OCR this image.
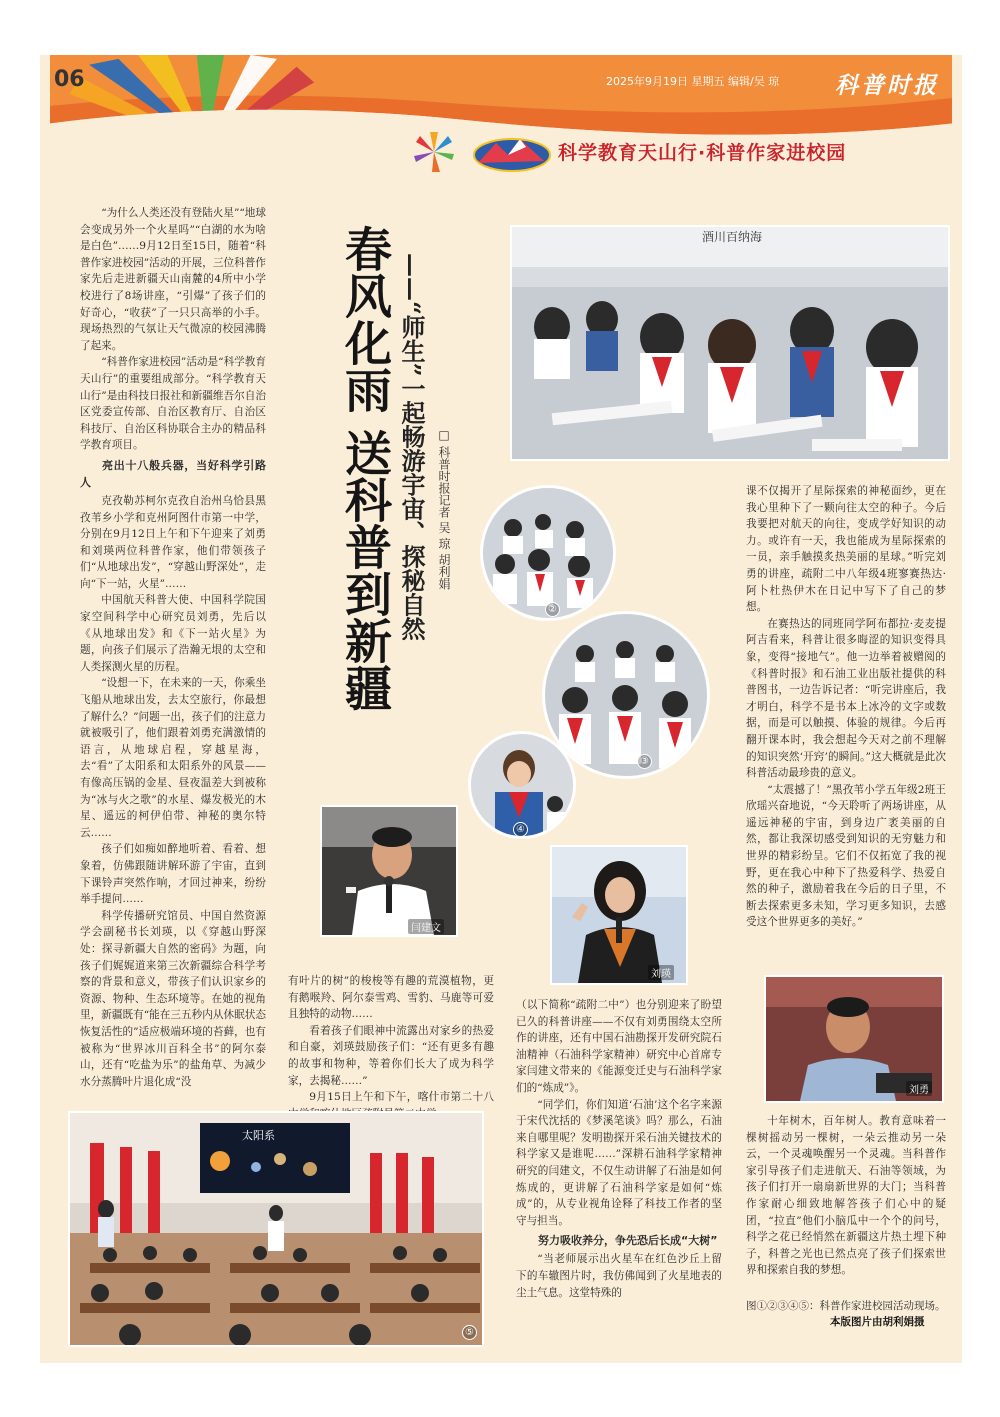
06	2025年9月19日 星期五 编辑/吴 琼 科普时报
科学教育天山行·科普作家进校园
春风化雨 送科普到新疆 ——“师生”一起畅游宇宙、探秘自然 □ 科普时报记者 吴 琼 胡利娟

“为什么人类还没有登陆火星”“地球会变成另外一个火星吗”“白湖的水为啥是白色”……9月12日至15日，随着“科普作家进校园”活动的开展，三位科普作家先后走进新疆天山南麓的4所中小学校进行了8场讲座，“引爆”了孩子们的好奇心，“收获”了一只只高举的小手。现场热烈的气氛让天气微凉的校园沸腾了起来。

“科普作家进校园”活动是“科学教育天山行”的重要组成部分。“科学教育天山行”是由科技日报社和新疆维吾尔自治区党委宣传部、自治区教育厅、自治区科技厅、自治区科协联合主办的精品科学教育项目。

亮出十八般兵器，当好科学引路人

克孜勒苏柯尔克孜自治州乌恰县黑孜苇乡小学和克州阿图什市第一中学，分别在9月12日上午和下午迎来了刘勇和刘瑛两位科普作家，他们带领孩子们“从地球出发”，“穿越山野深处”，走向“下一站，火星”……

中国航天科普大使、中国科学院国家空间科学中心研究员刘勇，先后以《从地球出发》和《下一站火星》为题，向孩子们展示了浩瀚无垠的太空和人类探测火星的历程。

“设想一下，在未来的一天，你乘坐飞船从地球出发，去太空旅行，你最想了解什么？”问题一出，孩子们的注意力就被吸引了，他们跟着刘勇充满激情的语言，从地球启程，穿越星海，去“看”了太阳系和太阳系外的风景——有像高压锅的金星、昼夜温差大到被称为“冰与火之歌”的水星、爆发极光的木星、遥远的柯伊伯带、神秘的奥尔特云……

孩子们如痴如醉地听着、看着、想象着，仿佛跟随讲解环游了宇宙，直到下课铃声突然作响，才回过神来，纷纷举手提问……

科学传播研究馆员、中国自然资源学会副秘书长刘瑛，以《穿越山野深处：探寻新疆大自然的密码》为题，向孩子们娓娓道来第三次新疆综合科学考察的背景和意义，带孩子们认识家乡的资源、物种、生态环境等。在她的视角里，新疆既有“能在三五秒内从休眠状态恢复活性的”适应极端环境的苔藓，也有被称为“世界冰川百科全书”的阿尔泰山，还有“吃盐为乐”的盐角草、为减少水分蒸腾叶片退化成“没

有叶片的树”的梭梭等有趣的荒漠植物，更有鹅喉羚、阿尔泰雪鸡、雪豹、马鹿等可爱且独特的动物……

看着孩子们眼神中流露出对家乡的热爱和自豪，刘瑛鼓励孩子们：“还有更多有趣的故事和物种，等着你们长大了成为科学家，去揭秘……”

9月15日上午和下午，喀什市第二十八

（以下简称“疏附二中”）也分别迎来了盼望已久的科普讲座——不仅有刘勇围绕太空所作的讲座，还有中国石油勘探开发研究院石油精神（石油科学家精神）研究中心首席专家闫建文带来的《能源变迁史与石油科学家们的“炼成”》。

“同学们，你们知道‘石油’这个名字来源于宋代沈括的《梦溪笔谈》吗？那么，石油来自哪里呢？发明勘探开采石油关键技术的科学家又是谁呢……”深耕石油科学家精神研究的闫建文，不仅生动讲解了石油是如何炼成的，更讲解了石油科学家是如何“炼成”的，从专业视角诠释了科技工作者的坚守与担当。

努力吸收养分，争先恐后长成“大树”

“当老师展示出火星车在红色沙丘上留下的车辙图片时，我仿佛闻到了火星地表的尘土气息。这堂特殊的

课不仅揭开了星际探索的神秘面纱，更在我心里种下了一颗向往太空的种子。今后我要把对航天的向往，变成学好知识的动力。或许有一天，我也能成为星际探索的一员，亲手触摸炙热美丽的星球。”听完刘勇的讲座，疏附二中八年级4班寥赛热达·阿卜杜热伊木在日记中写下了自己的梦想。

在赛热达的同班同学阿布都拉·麦麦提阿吉看来，科普让很多晦涩的知识变得具象，变得“接地气”。他一边举着被赠阅的《科普时报》和石油工业出版社提供的科普图书，一边告诉记者：“听完讲座后，我才明白，科学不是书本上冰冷的文字或数据，而是可以触摸、体验的规律。今后再翻开课本时，我会想起今天对之前不理解的知识突然‘开窍’的瞬间。”这大概就是此次科普活动最珍贵的意义。

“太震撼了！”黑孜苇小学五年级2班王欣瑶兴奋地说，“今天聆听了两场讲座，从遥远神秘的宇宙，到身边广袤美丽的自然，都让我深切感受到知识的无穷魅力和世界的精彩纷呈。它们不仅拓宽了我的视野，更在我心中种下了热爱科学、热爱自然的种子，激励着我在今后的日子里，不断去探索更多未知，学习更多知识，去感受这个世界更多的美好。”

十年树木，百年树人。教育意味着一棵树摇动另一棵树，一朵云推动另一朵云，一个灵魂唤醒另一个灵魂。当科普作家引导孩子们走进航天、石油等领域，为孩子们打开一扇扇新世界的大门；当科普作家耐心细致地解答孩子们心中的疑团，“拉直”他们小脑瓜中一个个的问号，科学之花已经悄然在新疆这片热土埋下种子，科普之光也已然点亮了孩子们探索世界和探索自我的梦想。

图①②③④⑤：科普作家进校园活动现场。
本版图片由胡利娟摄
酒川百纳海
②
③
④
闫建文
刘瑛
刘勇
太阳系
⑤
